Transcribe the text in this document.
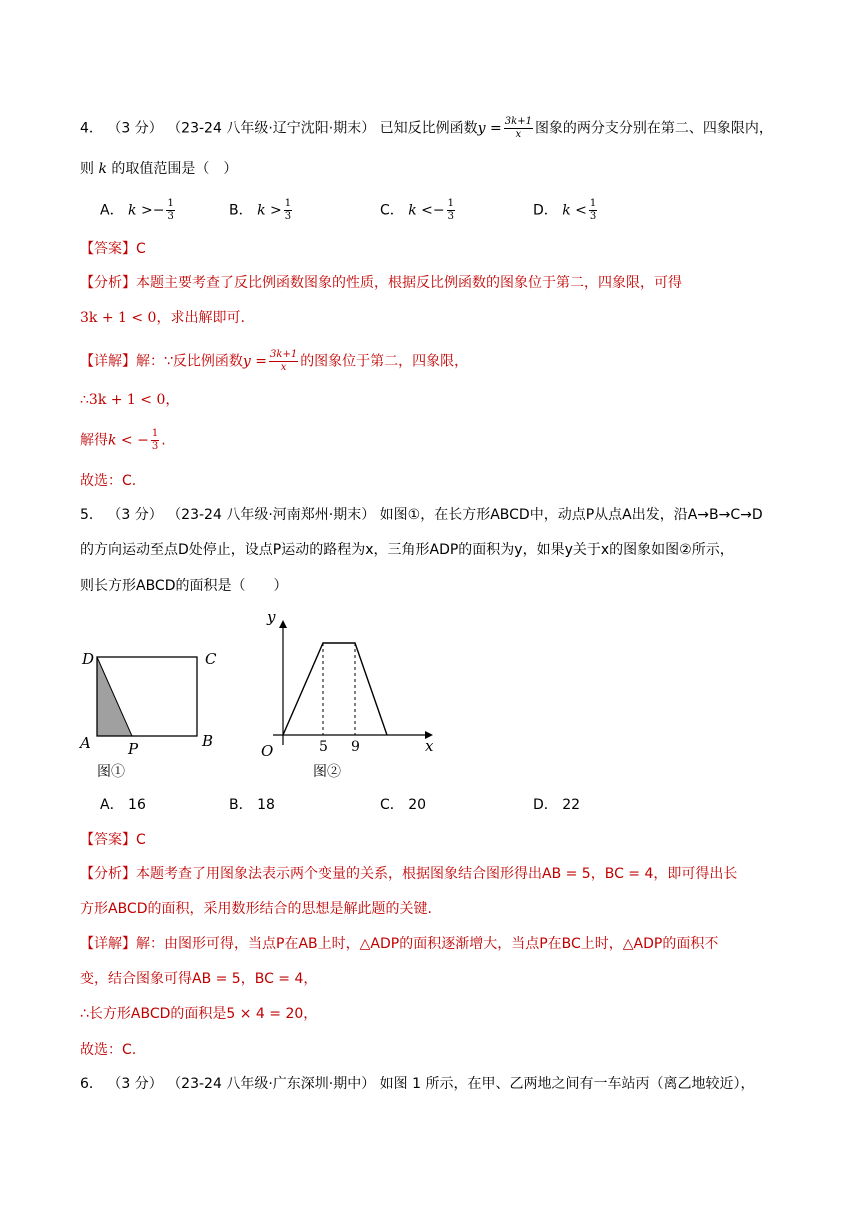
4． （3 分） （23-24 八年级·辽宁沈阳·期末） 已知反比例函数$y = \frac{3k+1}{x}$ 图象的两分支分别在第二、四象限内，
则 k 的取值范围是（　）
A． $k >- \frac{1}{3}$	B． $k > \frac{1}{3}$	C． $k <- \frac{1}{3}$	D． $k < \frac{1}{3}$
【答案】C
【分析】本题主要考查了反比例函数图象的性质，根据反比例函数的图象位于第二，四象限，可得
3k + 1 < 0，求出解即可.
【详解】解：∵反比例函数$y = \frac{3k+1}{x}$ 的图象位于第二，四象限，
∴3k + 1 < 0，
解得k < − $\frac{1}{3}$ .
故选：C.
5． （3 分） （23-24 八年级·河南郑州·期末） 如图①，在长方形ABCD中，动点P从点A出发，沿A→B→C→D
的方向运动至点D处停止，设点P运动的路程为x，三角形ADP的面积为y，如果y关于x的图象如图②所示，
则长方形ABCD的面积是（　　）
D	C
A	B
P
图①
5 9
y
x
O
图②
A． 16	B． 18	C． 20	D． 22
【答案】C
【分析】本题考查了用图象法表示两个变量的关系，根据图象结合图形得出AB = 5，BC = 4，即可得出长
方形ABCD的面积，采用数形结合的思想是解此题的关键.
【详解】解：由图形可得，当点P在AB上时，△ADP的面积逐渐增大，当点P在BC上时，△ADP的面积不
变，结合图象可得AB = 5，BC = 4，
∴长方形ABCD的面积是5 × 4 = 20，
故选：C.
6． （3 分） （23-24 八年级·广东深圳·期中） 如图 1 所示，在甲、乙两地之间有一车站丙（离乙地较近），
